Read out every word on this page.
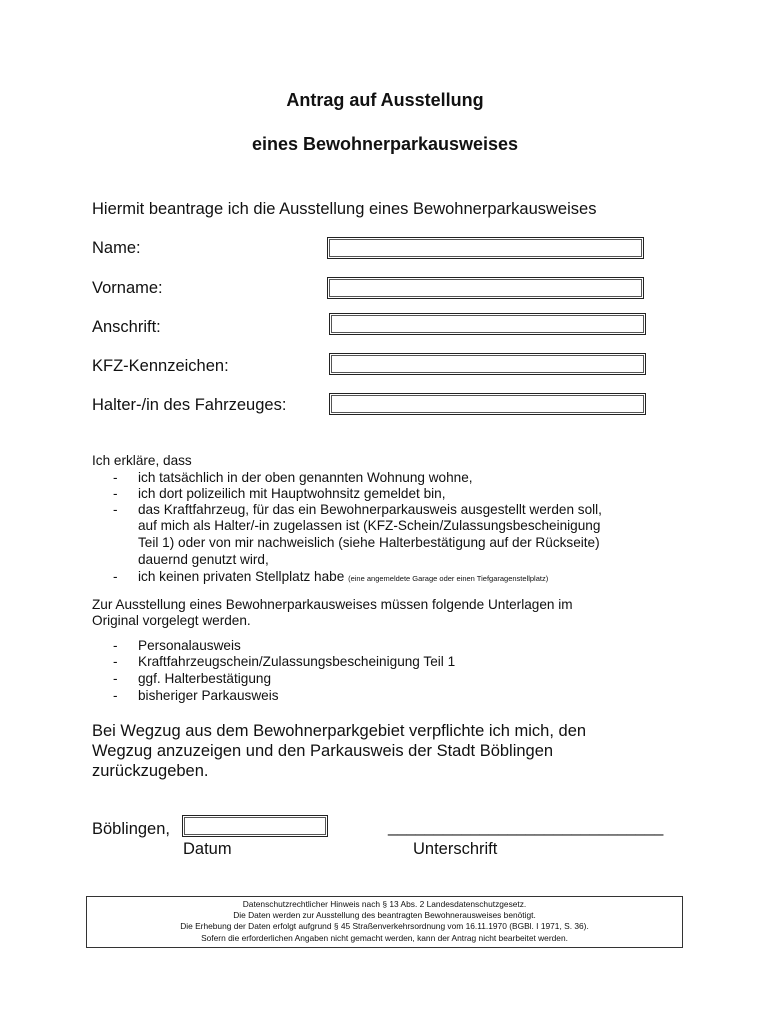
Antrag auf Ausstellung
eines Bewohnerparkausweises
Hiermit beantrage ich die Ausstellung eines Bewohnerparkausweises
Name:
Vorname:
Anschrift:
KFZ-Kennzeichen:
Halter-/in des Fahrzeuges:
Ich erkläre, dass
- ich tatsächlich in der oben genannten Wohnung wohne,
- ich dort polizeilich mit Hauptwohnsitz gemeldet bin,
- das Kraftfahrzeug, für das ein Bewohnerparkausweis ausgestellt werden soll,
auf mich als Halter/-in zugelassen ist (KFZ-Schein/Zulassungsbescheinigung
Teil 1) oder von mir nachweislich (siehe Halterbestätigung auf der Rückseite)
dauernd genutzt wird,
- ich keinen privaten Stellplatz habe (eine angemeldete Garage oder einen Tiefgaragenstellplatz)
Zur Ausstellung eines Bewohnerparkausweises müssen folgende Unterlagen im
Original vorgelegt werden.
- Personalausweis
- Kraftfahrzeugschein/Zulassungsbescheinigung Teil 1
- ggf. Halterbestätigung
- bisheriger Parkausweis
Bei Wegzug aus dem Bewohnerparkgebiet verpflichte ich mich, den
Wegzug anzuzeigen und den Parkausweis der Stadt Böblingen
zurückzugeben.
Böblingen,
Datum
______________________________
Unterschrift
Datenschutzrechtlicher Hinweis nach § 13 Abs. 2 Landesdatenschutzgesetz.
Die Daten werden zur Ausstellung des beantragten Bewohnerausweises benötigt.
Die Erhebung der Daten erfolgt aufgrund § 45 Straßenverkehrsordnung vom 16.11.1970 (BGBl. I 1971, S. 36).
Sofern die erforderlichen Angaben nicht gemacht werden, kann der Antrag nicht bearbeitet werden.
